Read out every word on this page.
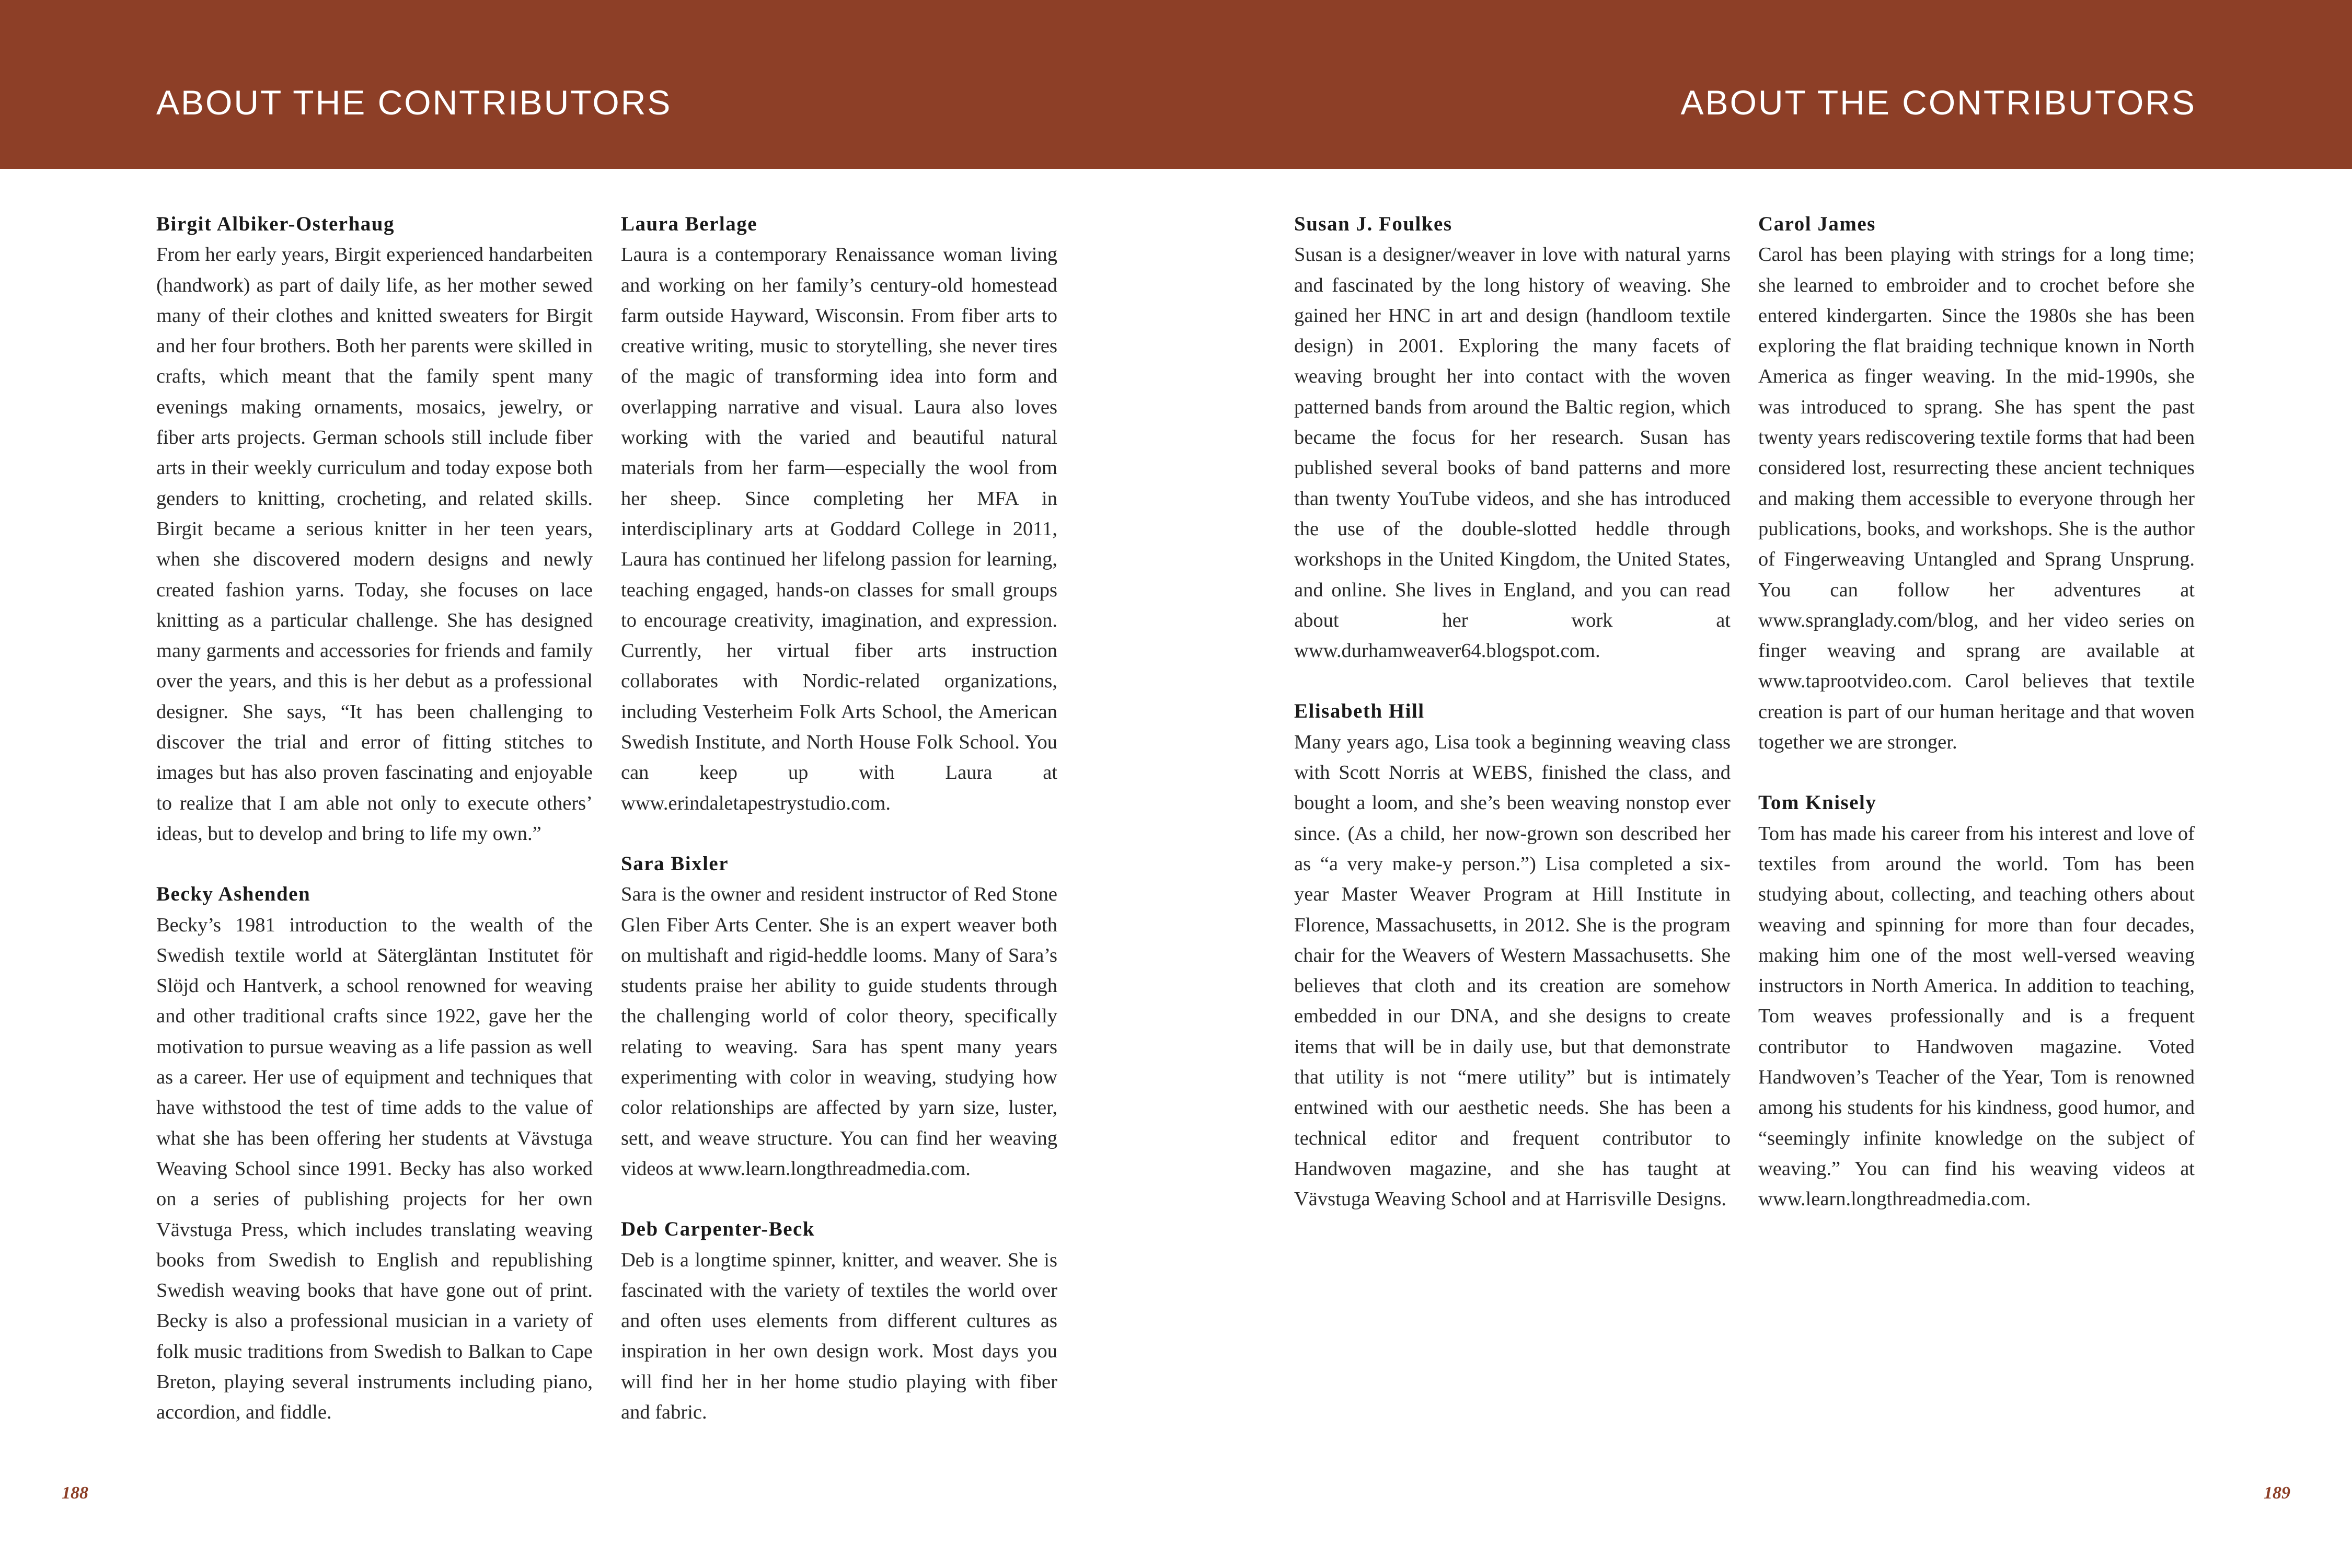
ABOUT THE CONTRIBUTORS	ABOUT THE CONTRIBUTORS
Birgit Albiker-Osterhaug
From her early years, Birgit experienced handarbeiten (handwork) as part of daily life, as her mother sewed many of their clothes and knitted sweaters for Birgit and her four brothers. Both her parents were skilled in crafts, which meant that the family spent many evenings making ornaments, mosaics, jewelry, or fiber arts projects. German schools still include fiber arts in their weekly curriculum and today expose both genders to knitting, crocheting, and related skills. Birgit became a serious knitter in her teen years, when she discovered modern designs and newly created fashion yarns. Today, she focuses on lace knitting as a particular challenge. She has designed many garments and accessories for friends and family over the years, and this is her debut as a professional designer. She says, “It has been challenging to discover the trial and error of fitting stitches to images but has also proven fascinating and enjoyable to realize that I am able not only to execute others’ ideas, but to develop and bring to life my own.”
Becky Ashenden
Becky’s 1981 introduction to the wealth of the Swedish textile world at Sätergläntan Institutet för Slöjd och Hantverk, a school renowned for weaving and other traditional crafts since 1922, gave her the motivation to pursue weaving as a life passion as well as a career. Her use of equipment and techniques that have withstood the test of time adds to the value of what she has been offering her students at Vävstuga Weaving School since 1991. Becky has also worked on a series of publishing projects for her own Vävstuga Press, which includes translating weaving books from Swedish to English and republishing Swedish weaving books that have gone out of print. Becky is also a professional musician in a variety of folk music traditions from Swedish to Balkan to Cape Breton, playing several instruments including piano, accordion, and fiddle.
Laura Berlage
Laura is a contemporary Renaissance woman living and working on her family’s century-old homestead farm outside Hayward, Wisconsin. From fiber arts to creative writing, music to storytelling, she never tires of the magic of transforming idea into form and overlapping narrative and visual. Laura also loves working with the varied and beautiful natural materials from her farm—especially the wool from her sheep. Since completing her MFA in interdisciplinary arts at Goddard College in 2011, Laura has continued her lifelong passion for learning, teaching engaged, hands-on classes for small groups to encourage creativity, imagination, and expression. Currently, her virtual fiber arts instruction collaborates with Nordic-related organizations, including Vesterheim Folk Arts School, the American Swedish Institute, and North House Folk School. You can keep up with Laura at www.erindaletapestrystudio.com.
Sara Bixler
Sara is the owner and resident instructor of Red Stone Glen Fiber Arts Center. She is an expert weaver both on multishaft and rigid-heddle looms. Many of Sara’s students praise her ability to guide students through the challenging world of color theory, specifically relating to weaving. Sara has spent many years experimenting with color in weaving, studying how color relationships are affected by yarn size, luster, sett, and weave structure. You can find her weaving videos at www.learn.longthreadmedia.com.
Deb Carpenter-Beck
Deb is a longtime spinner, knitter, and weaver. She is fascinated with the variety of textiles the world over and often uses elements from different cultures as inspiration in her own design work. Most days you will find her in her home studio playing with fiber and fabric.
Susan J. Foulkes
Susan is a designer/weaver in love with natural yarns and fascinated by the long history of weaving. She gained her HNC in art and design (handloom textile design) in 2001. Exploring the many facets of weaving brought her into contact with the woven patterned bands from around the Baltic region, which became the focus for her research. Susan has published several books of band patterns and more than twenty YouTube videos, and she has introduced the use of the double-slotted heddle through workshops in the United Kingdom, the United States, and online. She lives in England, and you can read about her work at www.durhamweaver64.blogspot.com.
Elisabeth Hill
Many years ago, Lisa took a beginning weaving class with Scott Norris at WEBS, finished the class, and bought a loom, and she’s been weaving nonstop ever since. (As a child, her now-grown son described her as “a very make-y person.”) Lisa completed a six-year Master Weaver Program at Hill Institute in Florence, Massachusetts, in 2012. She is the program chair for the Weavers of Western Massachusetts. She believes that cloth and its creation are somehow embedded in our DNA, and she designs to create items that will be in daily use, but that demonstrate that utility is not “mere utility” but is intimately entwined with our aesthetic needs. She has been a technical editor and frequent contributor to Handwoven magazine, and she has taught at Vävstuga Weaving School and at Harrisville Designs.
Carol James
Carol has been playing with strings for a long time; she learned to embroider and to crochet before she entered kindergarten. Since the 1980s she has been exploring the flat braiding technique known in North America as finger weaving. In the mid-1990s, she was introduced to sprang. She has spent the past twenty years rediscovering textile forms that had been considered lost, resurrecting these ancient techniques and making them accessible to everyone through her publications, books, and workshops. She is the author of Fingerweaving Untangled and Sprang Unsprung. You can follow her adventures at www.spranglady.com/blog, and her video series on finger weaving and sprang are available at www.taprootvideo.com. Carol believes that textile creation is part of our human heritage and that woven together we are stronger.
Tom Knisely
Tom has made his career from his interest and love of textiles from around the world. Tom has been studying about, collecting, and teaching others about weaving and spinning for more than four decades, making him one of the most well-versed weaving instructors in North America. In addition to teaching, Tom weaves professionally and is a frequent contributor to Handwoven magazine. Voted Handwoven’s Teacher of the Year, Tom is renowned among his students for his kindness, good humor, and “seemingly infinite knowledge on the subject of weaving.” You can find his weaving videos at www.learn.longthreadmedia.com.
188	189
